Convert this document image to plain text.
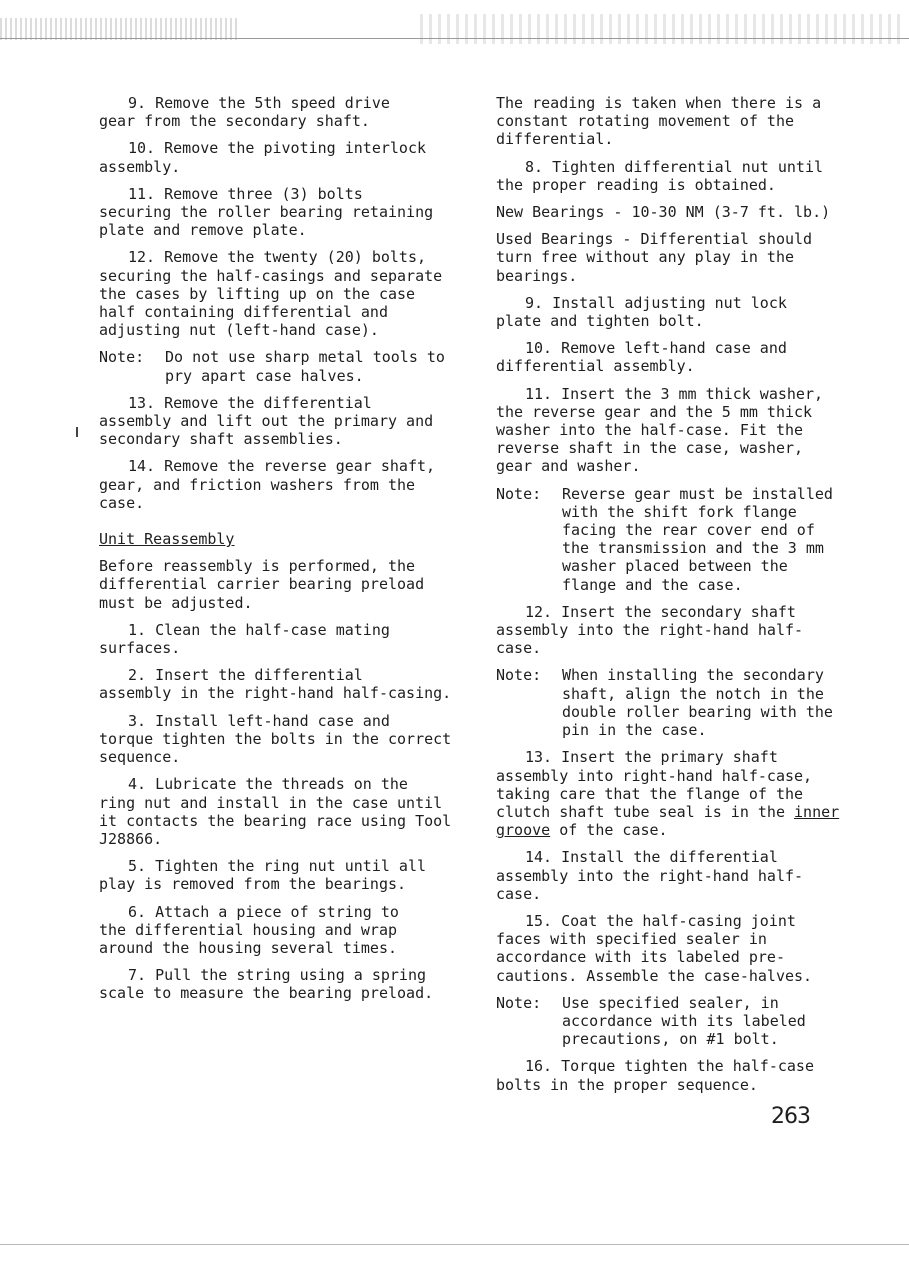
9. Remove the 5th speed drive
gear from the secondary shaft.

10. Remove the pivoting interlock
assembly.

11. Remove three (3) bolts
securing the roller bearing retaining plate and remove plate.

12. Remove the twenty (20) bolts,
securing the half-casings and separate the cases by lifting up on the case half containing differential and adjusting nut (left-hand case).

Note:	Do not use sharp metal tools to pry apart case halves.

13. Remove the differential
assembly and lift out the primary and secondary shaft assemblies.

14. Remove the reverse gear shaft,
gear, and friction washers from the case.

Unit Reassembly

Before reassembly is performed, the differential carrier bearing preload must be adjusted.

1. Clean the half-case mating
surfaces.

2. Insert the differential
assembly in the right-hand half-casing.

3. Install left-hand case and
torque tighten the bolts in the correct sequence.

4. Lubricate the threads on the
ring nut and install in the case until it contacts the bearing race using Tool J28866.

5. Tighten the ring nut until all
play is removed from the bearings.

6. Attach a piece of string to
the differential housing and wrap around the housing several times.

7. Pull the string using a spring
scale to measure the bearing preload.

The reading is taken when there is a constant rotating movement of the differential.

8. Tighten differential nut until
the proper reading is obtained.

New Bearings - 10-30 NM (3-7 ft. lb.)

Used Bearings - Differential should turn free without any play in the bearings.

9. Install adjusting nut lock
plate and tighten bolt.

10. Remove left-hand case and
differential assembly.

11. Insert the 3 mm thick washer,
the reverse gear and the 5 mm thick washer into the half-case. Fit the reverse shaft in the case, washer, gear and washer.

Note:	Reverse gear must be installed with the shift fork flange facing the rear cover end of the transmission and the 3 mm washer placed between the flange and the case.

12. Insert the secondary shaft
assembly into the right-hand half-case.

Note:	When installing the secondary shaft, align the notch in the double roller bearing with the pin in the case.

13. Insert the primary shaft
assembly into right-hand half-case, taking care that the flange of the clutch shaft tube seal is in the inner groove of the case.

14. Install the differential
assembly into the right-hand half-case.

15. Coat the half-casing joint
faces with specified sealer in accordance with its labeled pre-cautions. Assemble the case-halves.

Note:	Use specified sealer, in accordance with its labeled precautions, on #1 bolt.

16. Torque tighten the half-case
bolts in the proper sequence.

263
